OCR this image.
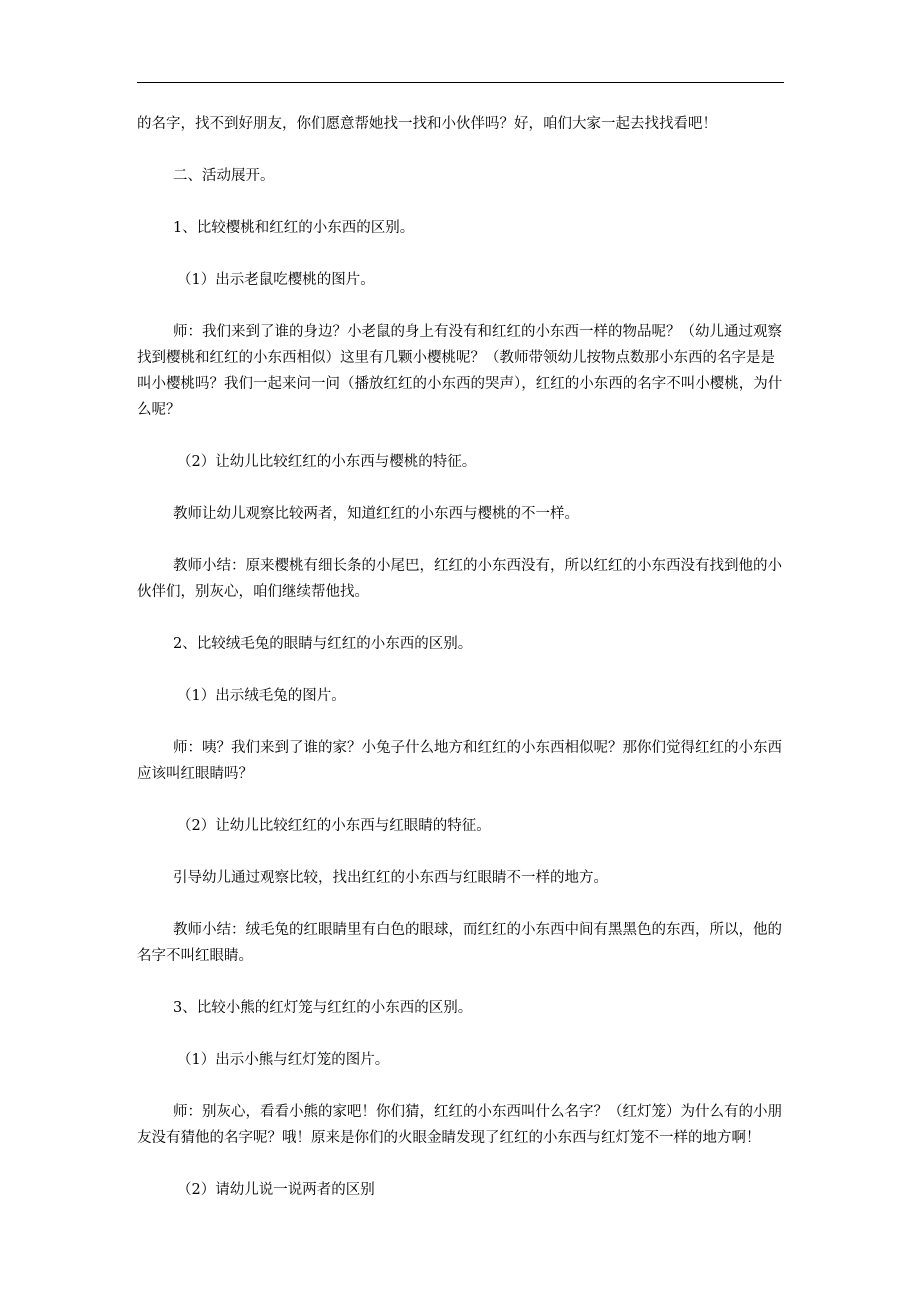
的名字，找不到好朋友，你们愿意帮她找一找和小伙伴吗？好，咱们大家一起去找找看吧！

二、活动展开。

1、比较樱桃和红红的小东西的区别。

（1）出示老鼠吃樱桃的图片。

师：我们来到了谁的身边？小老鼠的身上有没有和红红的小东西一样的物品呢？（幼儿通过观察找到樱桃和红红的小东西相似）这里有几颗小樱桃呢？（教师带领幼儿按物点数那小东西的名字是是叫小樱桃吗？我们一起来问一问（播放红红的小东西的哭声），红红的小东西的名字不叫小樱桃，为什么呢？

（2）让幼儿比较红红的小东西与樱桃的特征。

教师让幼儿观察比较两者，知道红红的小东西与樱桃的不一样。

教师小结：原来樱桃有细长条的小尾巴，红红的小东西没有，所以红红的小东西没有找到他的小伙伴们，别灰心，咱们继续帮他找。

2、比较绒毛兔的眼睛与红红的小东西的区别。

（1）出示绒毛兔的图片。

师：咦？我们来到了谁的家？小兔子什么地方和红红的小东西相似呢？那你们觉得红红的小东西应该叫红眼睛吗？

（2）让幼儿比较红红的小东西与红眼睛的特征。

引导幼儿通过观察比较，找出红红的小东西与红眼睛不一样的地方。

教师小结：绒毛兔的红眼睛里有白色的眼球，而红红的小东西中间有黑黑色的东西，所以，他的名字不叫红眼睛。

3、比较小熊的红灯笼与红红的小东西的区别。

（1）出示小熊与红灯笼的图片。

师：别灰心，看看小熊的家吧！你们猜，红红的小东西叫什么名字？（红灯笼）为什么有的小朋友没有猜他的名字呢？哦！原来是你们的火眼金睛发现了红红的小东西与红灯笼不一样的地方啊！

（2）请幼儿说一说两者的区别
